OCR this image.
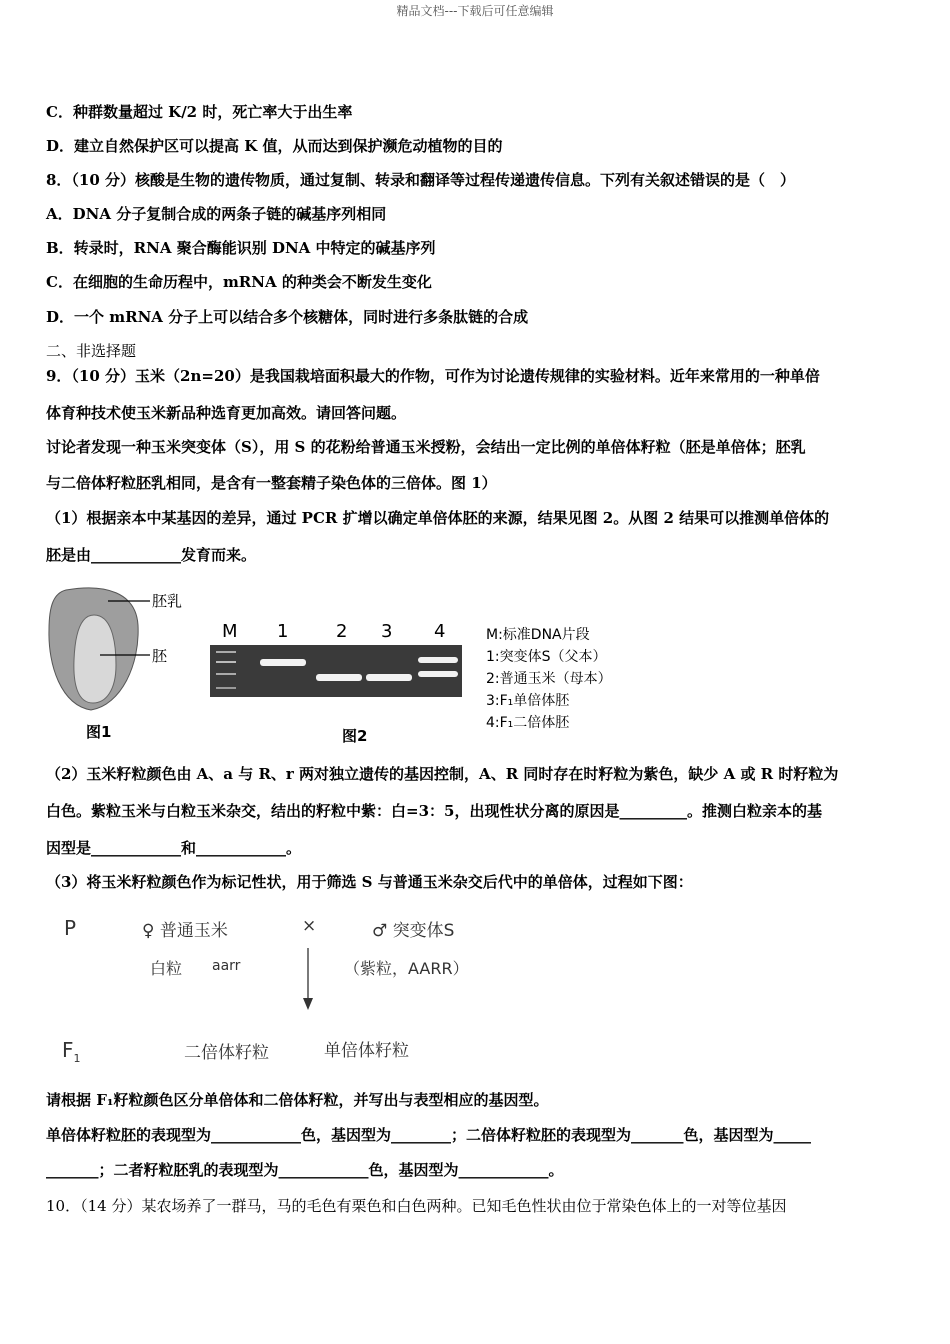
精品文档---下载后可任意编辑
C．种群数量超过 K/2 时，死亡率大于出生率
D．建立自然保护区可以提高 K 值，从而达到保护濒危动植物的目的
8．（10 分）核酸是生物的遗传物质，通过复制、转录和翻译等过程传递遗传信息。下列有关叙述错误的是（　）
A．DNA 分子复制合成的两条子链的碱基序列相同
B．转录时，RNA 聚合酶能识别 DNA 中特定的碱基序列
C．在细胞的生命历程中，mRNA 的种类会不断发生变化
D．一个 mRNA 分子上可以结合多个核糖体，同时进行多条肽链的合成
二、非选择题
9．（10 分）玉米（2n=20）是我国栽培面积最大的作物，可作为讨论遗传规律的实验材料。近年来常用的一种单倍
体育种技术使玉米新品种选育更加高效。请回答问题。
讨论者发现一种玉米突变体（S），用 S 的花粉给普通玉米授粉，会结出一定比例的单倍体籽粒（胚是单倍体；胚乳
与二倍体籽粒胚乳相同，是含有一整套精子染色体的三倍体。图 1）
（1）根据亲本中某基因的差异，通过 PCR 扩增以确定单倍体胚的来源，结果见图 2。从图 2 结果可以推测单倍体的
胚是由____________发育而来。
胚乳
胚
图1
M 1	2 3 4
图2
M:标准DNA片段
1:突变体S（父本）
2:普通玉米（母本）
3:F₁单倍体胚
4:F₁二倍体胚
（2）玉米籽粒颜色由 A、a 与 R、r 两对独立遗传的基因控制，A、R 同时存在时籽粒为紫色，缺少 A 或 R 时籽粒为
白色。紫粒玉米与白粒玉米杂交，结出的籽粒中紫：白=3：5，出现性状分离的原因是_________。推测白粒亲本的基
因型是____________和____________。
（3）将玉米籽粒颜色作为标记性状，用于筛选 S 与普通玉米杂交后代中的单倍体，过程如下图：
P	♀ 普通玉米	×	♂ 突变体S
白粒 aarr	（紫粒，AARR）
$F_1$	二倍体籽粒	单倍体籽粒
请根据 F₁籽粒颜色区分单倍体和二倍体籽粒，并写出与表型相应的基因型。
单倍体籽粒胚的表现型为____________色，基因型为________；二倍体籽粒胚的表现型为_______色，基因型为_____
_______；二者籽粒胚乳的表现型为____________色，基因型为____________。
10．（14 分）某农场养了一群马，马的毛色有栗色和白色两种。已知毛色性状由位于常染色体上的一对等位基因
